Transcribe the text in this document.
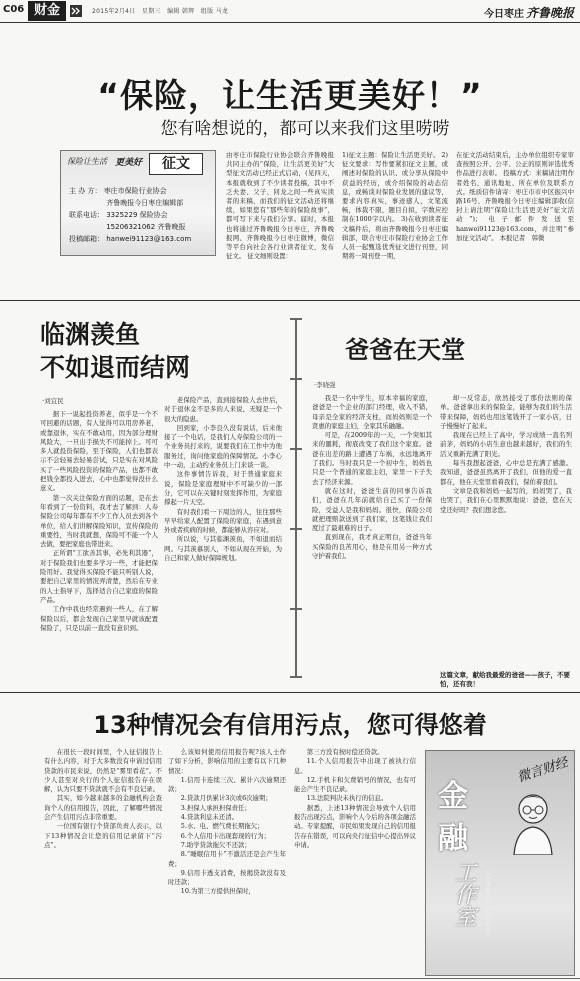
C06 财金	2015年2月4日　星期三　编辑 韩辉　组版 马龙	今日枣庄 齐鲁晚报
“保险，让生活更美好！”
您有啥想说的，都可以来我们这里唠唠
保险让生活 更美好	征文
主 办 方： 枣庄市保险行业协会
　　　　　 齐鲁晚报今日枣庄编辑部
联系电话： 3325229 保险协会
　　　　　 15206321062 齐鲁晚报
投稿邮箱： hanwei91123@163.com
由枣庄市保险行业协会联合齐鲁晚报共同主办的“保险，让生活更美好”大型征文活动已经正式启动，(见四天，本报就收到了不少读者投稿，其中不乏夫妻、父子、同龙之间一些真实读者的来稿，而我们的征文活动还将继续，如果您有“那些年的保险故事”，都可写下来与我们分享。届时，本报也将通过齐鲁晚报今日枣庄，齐鲁晚报网、齐鲁晚报今日枣庄微博，微信等平台向社会各行业读者征文，发布征文。 征文细则设置：
1)征文主题：保险让生活更美好。 2)征文要求：写作要紧扣征文主题，或阐述对保险的认识、或分享从保险中获益的经历，或介绍保险的动态信息，或畅谈对保险业发展的建议等，要求内容真实，事迹感人，文笔流畅，体裁不限，题目自拟，字数应控制在1000字以内。 3)在收到读者征文稿件后，将由齐鲁晚报今日枣庄编辑部，联合枣庄市保险行业协会工作人员一起甄选优秀征文进行刊登，同期将一周刊登一期，
在征文活动结束后，主办单位组织专家审查按照公开、公平、公正的原则评选优秀作品进行表彰。 投稿方式：来稿请注明作者姓名，通讯地址、所在单位及联系方式。纸质信件请寄：枣庄市市中区振兴中路16号，齐鲁晚报今日枣庄编辑部收(信封上请注明“保险让生活更美好”征文活动”)；电子邮件发送至hanwei91123@163.com，并注明“参加征文活动”。 本报记者　韩微
临渊羡鱼
不如退而结网
·刘宜民

据下一说起投资养老，似乎是一个不可回避的话题，有人觉得可以用房养老，或靠退休，实在不敢动用，因为部分理财风险大，一旦出手损失不可能掉上。可可多人就投资保险，至于保险，人们也都表示不会轻易去轻易尝试，只是实在对风险买了一些风险投资的保险产品，也都不敢把钱全都投入进去，心中也都觉得没什么意义。

第一次关注保险方面的话题，是在去年看到了一份资料，我才去了解到：人寿保险公司每年都有不少工作人员去到各个单位，给人们讲解保险知识，宣传保险的重要性，当时我就想，保险可不能一个人去做，要把家庭也带进来。

正所谓“工欲善其事，必先利其器”，对于保险我们也要多学习一些，才能把保险用好。我觉得买保险不能只听别人说，要把自己家里的情况弄清楚，然后在专业的人士指导下，选择适合自己家庭的保险产品。

工作中我也经常遇到一些人，在了解保险以后，都会发现自己家里早就该配置保险了，只是以前一直没有意识到。

老保险产品，直到接保险人去世后，对于退休金不是多的人来说，无疑是一个很大的隐患。

回到家，小李良久没有说话，后来他接了一个电话，是我们人寿保险公司的一个业务员打来的，说要我们在工作中为他服务过，询问他家庭的保障情况。小李心中一动，主动约业务员上门来谈一谈。

这件事情告诉我，对于普通家庭来说，保险是家庭理财中不可缺少的一部分，它可以在关键时刻发挥作用，为家庭撑起一片天空。

有时我们看一下周边的人，往往那些早早给家人配置了保险的家庭，在遇到意外或者疾病的时候，都能够从容应对。

所以说，与其临渊羡鱼，不如退而结网。与其羡慕别人，不如从现在开始，为自己和家人做好保障规划。

爸爸在天堂
·李晓强

我是一名中学生，原本幸福的家庭，爸爸是一个企业的部门经理，收入不错，母亲是全家的经济支柱，而妈妈则是一个贤惠的家庭主妇，全家其乐融融。

可是，在2009年的一天，一个突如其来的噩耗，彻底改变了我们这个家庭。爸爸在出差的路上遭遇了车祸，永远地离开了我们。当时我只是一个初中生，妈妈也只是一个普通的家庭主妇，家里一下子失去了经济来源。

就在这时，爸爸生前的同事告诉我们，爸爸在几年前就给自己买了一份保险，受益人是我和妈妈。很快，保险公司就把理赔款送到了我们家，这笔钱让我们度过了最艰难的日子。

直到现在，我才真正明白，爸爸当年买保险的良苦用心，他是在用另一种方式守护着我们。

却一反常态，欣然接受了那份法则的保单。爸爸拿出来的保险金，能够为我们的生活带来保障，妈妈也用这笔钱开了一家小店，日子慢慢好了起来。

我现在已经上了高中，学习成绩一直名列前茅，妈妈的小店生意也越来越好，我们的生活又重新充满了阳光。

每当我想起爸爸，心中总是充满了感激。我知道，爸爸虽然离开了我们，但他的爱一直都在，他在天堂里看着我们，保佑着我们。

文章是我和妈妈一起写的，妈妈哭了，我也哭了，我们在心里默默地说：爸爸，您在天堂还好吗？我们想念您。

这篇文章，献给我最爱的爸爸——孩子，不要怕，还有我！
13种情况会有信用污点，您可得悠着

在很长一段时间里，个人征信报告上有什么内容，对于大多数没有申请过信用贷款的市民来说，仍然是“雾里看花”。不少人甚至对央行的个人征信报告存在误解，认为只要不贷款就不会有不良记录。

其实，如今越来越多的金融机构会查询个人的信用报告，因此，了解哪些情况会产生信用污点非常重要。

一位国有银行个贷部负责人表示，以下13种情况会让您的信用记录留下“污点”。

么该如何使用信用报告呢?该人士作了如下分析，影响信用的主要有以下几种情况：

1.信用卡连续三次、累计六次逾期还款；

2.贷款月供累计3次或6次逾期；

3.担保人承担担保责任；

4.贷款利息未还清。

5.水、电、燃气费长期拖欠；

6.个人信用卡出现套现的行为；

7.助学贷款拖欠不还款；

8.“睡眠信用卡”不激活还是会产生年费；

9.信用卡透支消费，按揭贷款没有及时还款；

10.为第三方提供担保时，

第三方没有按时偿还贷款。

11.个人信用报告中出现了被执行信息。

12.手机卡和欠费销号的情况，也有可能会产生不良记录。

13.法院判决未执行的信息。

据悉，上述13种情况会导致个人信用报告出现污点，影响个人今后的各项金融活动。专家提醒，市民如果发现自己的信用报告存在错误，可以向央行征信中心提出异议申请。

金
融
工作室	JINRONG STUDIO
微言财经
